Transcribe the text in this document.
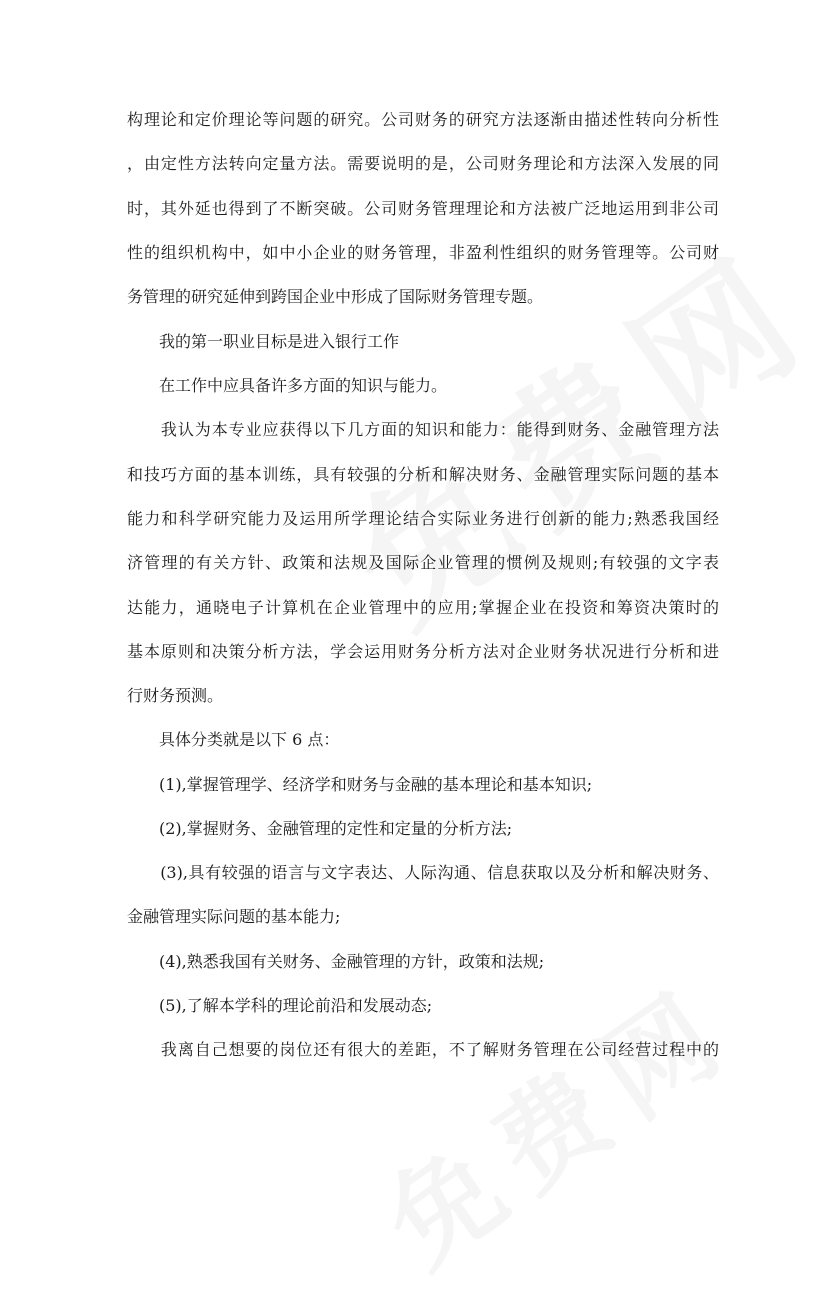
构理论和定价理论等问题的研究。公司财务的研究方法逐渐由描述性转向分析性
，由定性方法转向定量方法。需要说明的是，公司财务理论和方法深入发展的同
时，其外延也得到了不断突破。公司财务管理理论和方法被广泛地运用到非公司
性的组织机构中，如中小企业的财务管理，非盈利性组织的财务管理等。公司财
务管理的研究延伸到跨国企业中形成了国际财务管理专题。
　　我的第一职业目标是进入银行工作
　　在工作中应具备许多方面的知识与能力。
　　我认为本专业应获得以下几方面的知识和能力：能得到财务、金融管理方法
和技巧方面的基本训练，具有较强的分析和解决财务、金融管理实际问题的基本
能力和科学研究能力及运用所学理论结合实际业务进行创新的能力;熟悉我国经
济管理的有关方针、政策和法规及国际企业管理的惯例及规则;有较强的文字表
达能力，通晓电子计算机在企业管理中的应用;掌握企业在投资和筹资决策时的
基本原则和决策分析方法，学会运用财务分析方法对企业财务状况进行分析和进
行财务预测。
　　具体分类就是以下 6 点：
　　(1),掌握管理学、经济学和财务与金融的基本理论和基本知识;
　　(2),掌握财务、金融管理的定性和定量的分析方法;
　　(3),具有较强的语言与文字表达、人际沟通、信息获取以及分析和解决财务、
金融管理实际问题的基本能力;
　　(4),熟悉我国有关财务、金融管理的方针，政策和法规;
　　(5),了解本学科的理论前沿和发展动态;
　　我离自己想要的岗位还有很大的差距，不了解财务管理在公司经营过程中的
